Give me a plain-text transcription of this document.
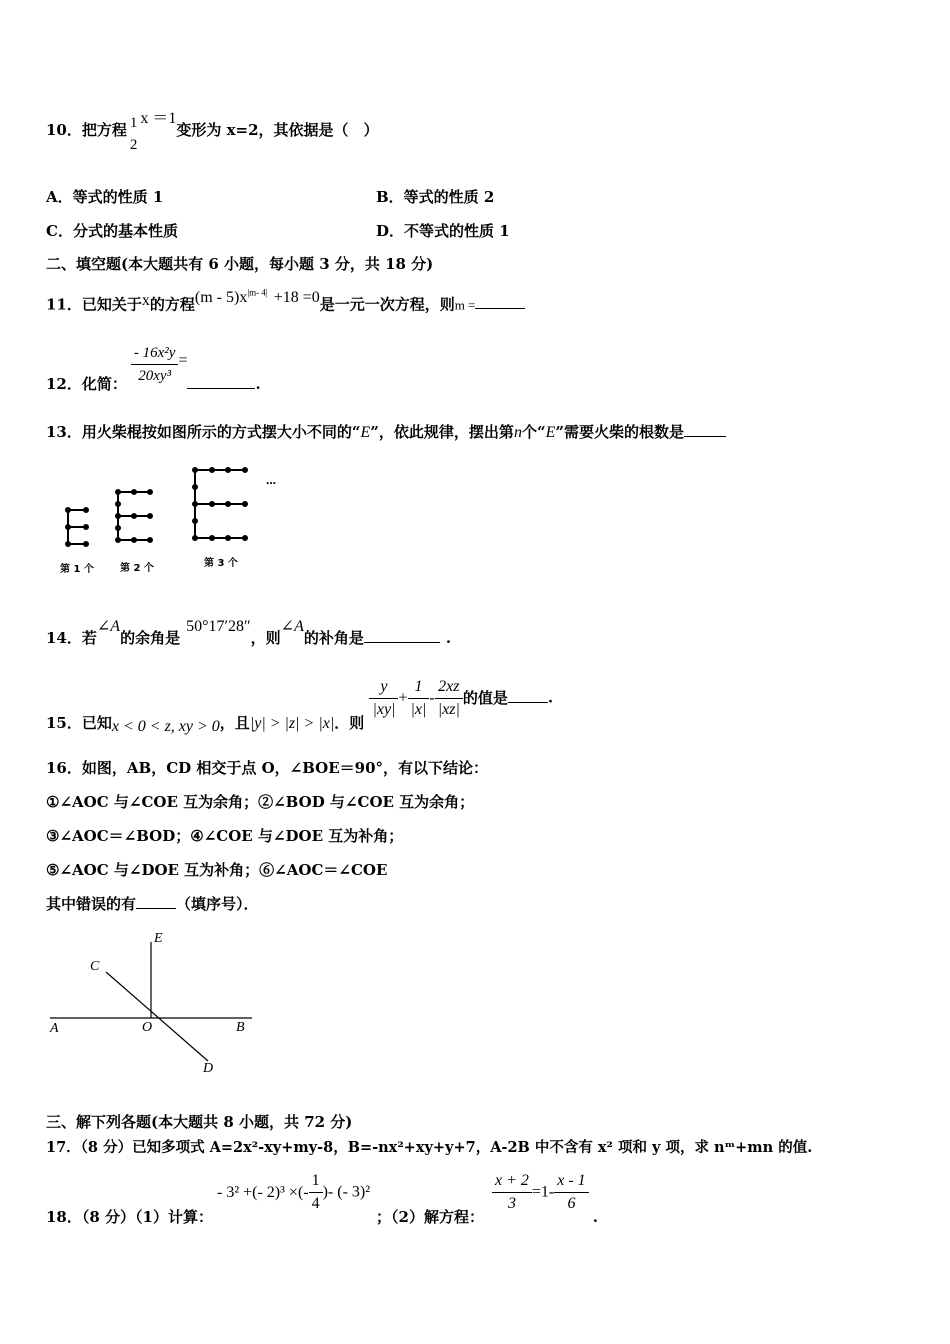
10．把方程 1
2
x ＝1变形为 x=2，其依据是（　）
A．等式的性质 1	B．等式的性质 2
C．分式的基本性质	D．不等式的性质 1
二、填空题(本大题共有 6 小题，每小题 3 分，共 18 分)
11．已知关于x的方程$(m - 5)x^{|m- 4|} +18 =0$是一元一次方程，则m =
12．化简： $\frac{\text{- 16x²y}}{\text{20xy³}}$ =.
13．用火柴棍按如图所示的方式摆大小不同的“E”，依此规律，摆出第n个“E”需要火柴的根数是
第 1 个	第 2 个	第 3 个
…
14．若∠A的余角是50°17′28″，则∠A的补角是	.
15．已知x < 0 < z, xy > 0，且|y| > |z| > |x|．则
$\frac{y}{|xy|} + \frac{1}{|x|} - \frac{2xz}{|xz|}$ 的值是	.
16．如图，AB，CD 相交于点 O，∠BOE＝90°，有以下结论：
①∠AOC 与∠COE 互为余角；②∠BOD 与∠COE 互为余角；
③∠AOC＝∠BOD；④∠COE 与∠DOE 互为补角；
⑤∠AOC 与∠DOE 互为补角；⑥∠AOC＝∠COE
其中错误的有	（填序号）．
A	O	B
C
D
E
三、解下列各题(本大题共 8 小题，共 72 分)
17．（8 分）已知多项式 A=2x²-xy+my-8，B=-nx²+xy+y+7，A-2B 中不含有 x² 项和 y 项，求 nᵐ+mn 的值.
18．（8 分）（1）计算：- 3² +(- 2)³ ×(- $\frac{1}{4}$ )- (- 3)²；（2）解方程：
$\frac{x + 2}{3} =1- \frac{x - 1}{6}$
.
